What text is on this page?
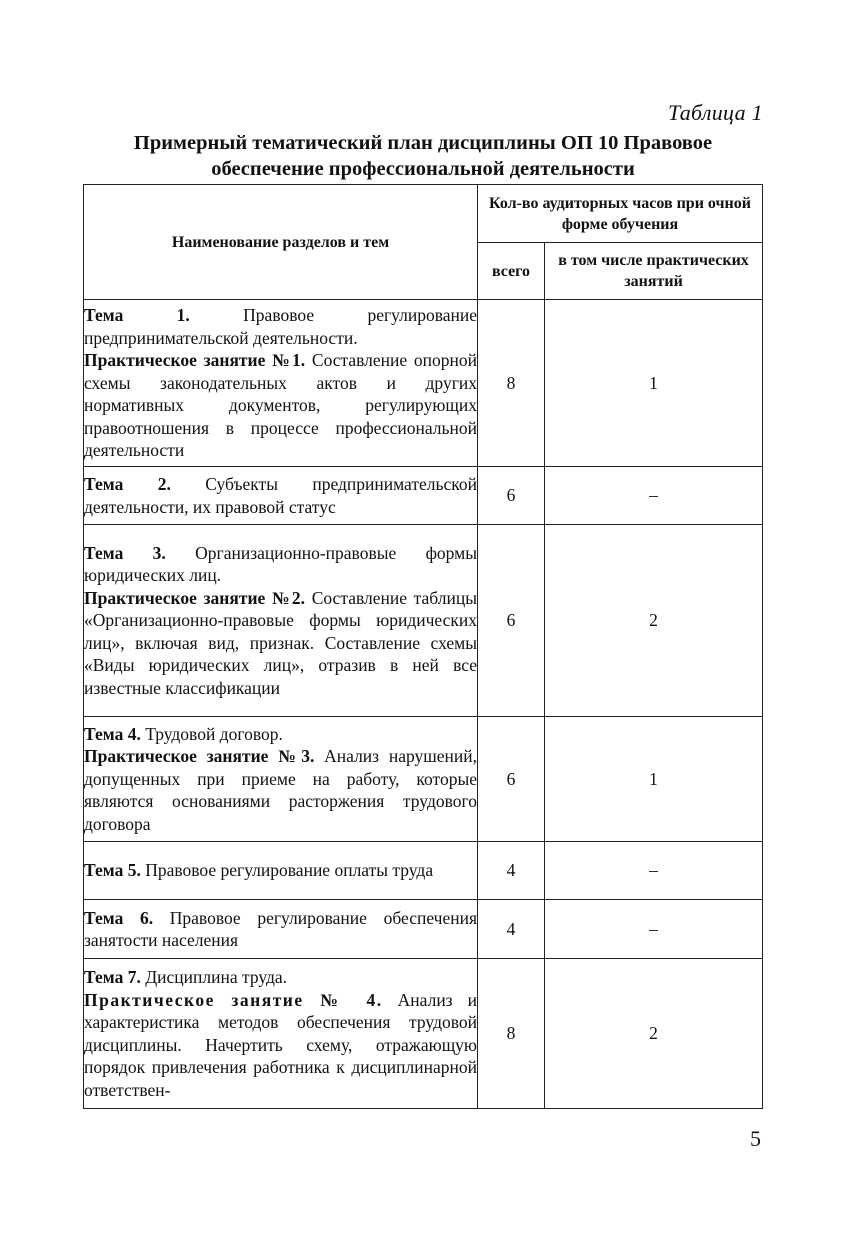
Таблица 1
Примерный тематический план дисциплины ОП 10 Правовое
обеспечение профессиональной деятельности
Наименование разделов и тем	Кол-во аудиторных часов при очной форме обучения	
	всего	в том числе практических занятий
Тема 1. Правовое регулирование предпринимательской деятельности.
Практическое занятие №1. Составление опорной схемы законодательных актов и других нормативных документов, регулирующих правоотношения в процессе профессиональной деятельности	8	1
Тема 2. Субъекты предпринимательской деятельности, их правовой статус	6	–
Тема 3. Организационно-правовые формы юридических лиц.
Практическое занятие №2. Составление таблицы «Организационно-правовые формы юридических лиц», включая вид, признак. Составление схемы «Виды юридических лиц», отразив в ней все известные классификации	6	2
Тема 4. Трудовой договор.
Практическое занятие №3. Анализ нарушений, допущенных при приеме на работу, которые являются основаниями расторжения трудового договора	6	1
Тема 5. Правовое регулирование оплаты труда	4	–
Тема 6. Правовое регулирование обеспечения занятости населения	4	–
Тема 7. Дисциплина труда.
Практическое занятие № 4. Анализ и характеристика методов обеспечения трудовой дисциплины. Начертить схему, отражающую порядок привлечения работника к дисциплинарной ответствен-	8	2
5
